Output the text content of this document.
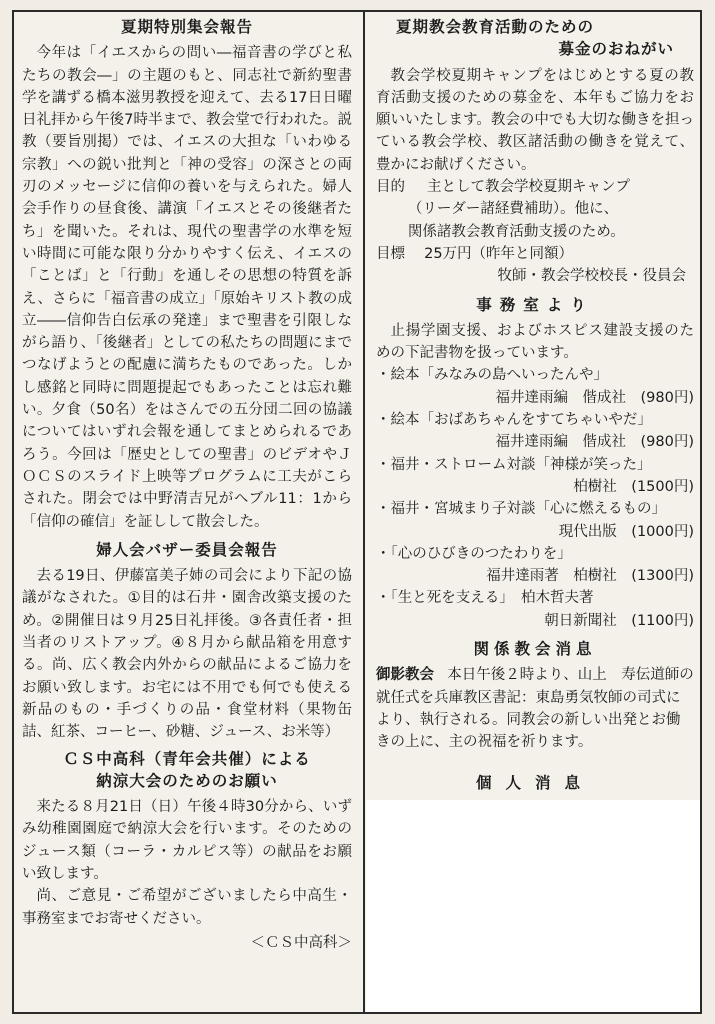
夏期特別集会報告

今年は「イエスからの問い―福音書の学びと私たちの教会―」の主題のもと、同志社で新約聖書学を講ずる橋本滋男教授を迎えて、去る17日日曜日礼拝から午後7時半まで、教会堂で行われた。説教（要旨別掲）では、イエスの大担な「いわゆる宗教」への鋭い批判と「神の受容」の深さとの両刃のメッセージに信仰の養いを与えられた。婦人会手作りの昼食後、講演「イエスとその後継者たち」を聞いた。それは、現代の聖書学の水準を短い時間に可能な限り分かりやすく伝え、イエスの「ことば」と「行動」を通しその思想の特質を訴え、さらに「福音書の成立」「原始キリスト教の成立――信仰告白伝承の発達」まで聖書を引限しながら語り、「後継者」としての私たちの問題にまでつなげようとの配慮に満ちたものであった。しかし感銘と同時に問題提起でもあったことは忘れ難い。夕食（50名）をはさんでの五分団二回の協議についてはいずれ会報を通してまとめられるであろう。今回は「歴史としての聖書」のビデオやＪＯＣＳのスライド上映等プログラムに工夫がこらされた。閉会では中野清吉兄がヘブル11：1から「信仰の確信」を証しして散会した。

婦人会バザー委員会報告

去る19日、伊藤富美子姉の司会により下記の協議がなされた。①目的は石井・園舎改築支援のため。②開催日は９月25日礼拝後。③各責任者・担当者のリストアップ。④８月から献品箱を用意する。尚、広く教会内外からの献品によるご協力をお願い致します。お宅には不用でも何でも使える新品のもの・手づくりの品・食堂材料（果物缶詰、紅茶、コーヒー、砂糖、ジュース、お米等）

ＣＳ中高科（青年会共催）による
納涼大会のためのお願い

来たる８月21日（日）午後４時30分から、いずみ幼稚園園庭で納涼大会を行います。そのためのジュース類（コーラ・カルピス等）の献品をお願い致します。

尚、ご意見・ご希望がございましたら中高生・事務室までお寄せください。

＜ＣＳ中高科＞
夏期教会教育活動のための
募金のおねがい

教会学校夏期キャンプをはじめとする夏の教育活動支援のための募金を、本年もご協力をお願いいたします。教会の中でも大切な働きを担っている教会学校、教区諸活動の働きを覚えて、豊かにお献げください。

目的 主として教会学校夏期キャンプ
（リーダー諸経費補助）。他に、
関係諸教会教育活動支援のため。
目標 25万円（昨年と同額）
牧師・教会学校校長・役員会
事務室より

止揚学園支援、およびホスピス建設支援のための下記書物を扱っています。

・絵本「みなみの島へいったんや」
福井達雨編　偕成社　(980円)
・絵本「おばあちゃんをすてちゃいやだ」
福井達雨編　偕成社　(980円)
・福井・ストローム対談「神様が笑った」
柏樹社　(1500円)
・福井・宮城まり子対談「心に燃えるもの」
現代出版　(1000円)
・「心のひびきのつたわりを」
福井達雨著　柏樹社　(1300円)
・「生と死を支える」　柏木哲夫著
朝日新聞社　(1100円)
関係教会消息
御影教会 本日午後２時より、山上　寿伝道師の就任式を兵庫教区書記：東島勇気牧師の司式により、執行される。同教会の新しい出発とお働きの上に、主の祝福を祈ります。
個人消息
